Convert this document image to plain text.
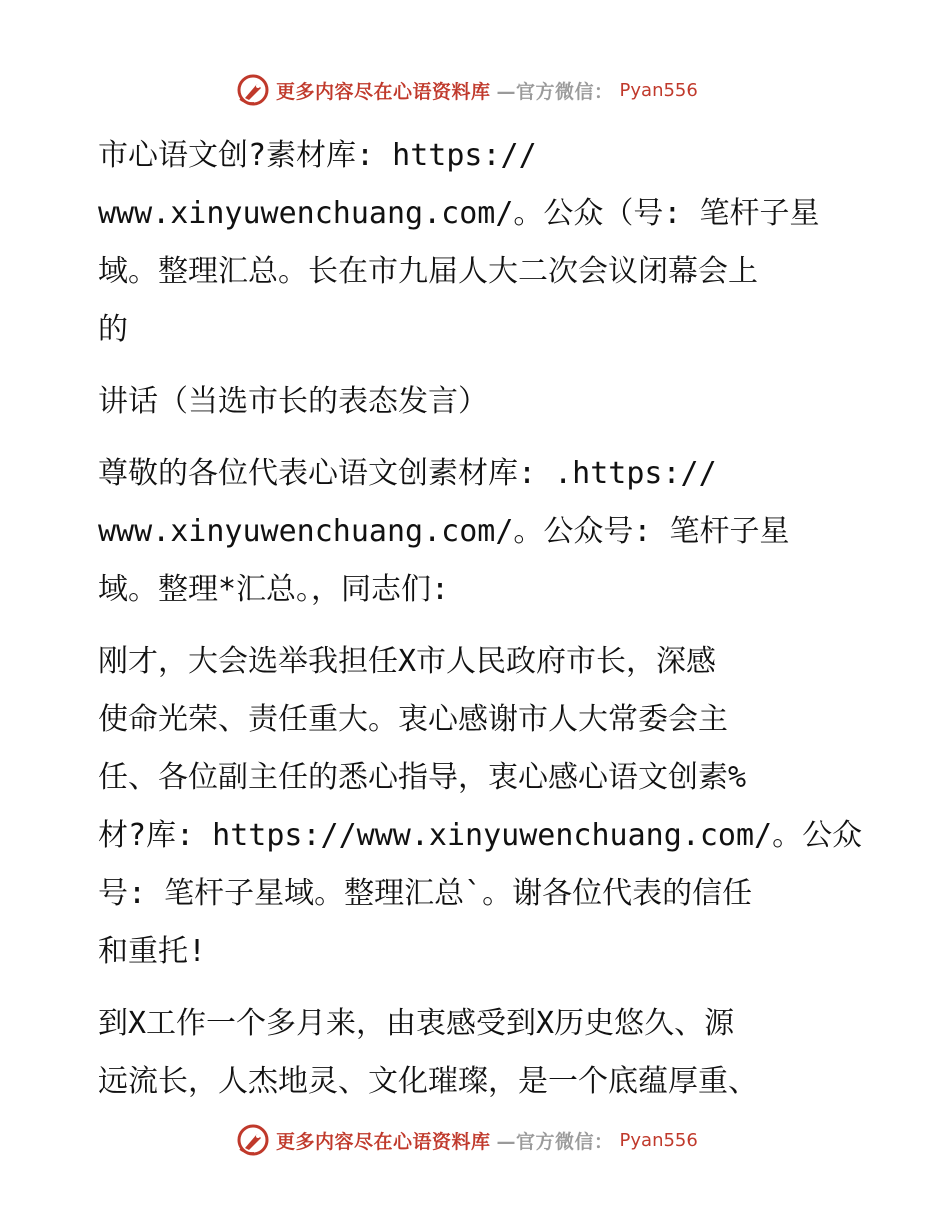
更多内容尽在心语资料库 —官方微信： Pyan556
市心语文创?素材库: https://
www.xinyuwenchuang.com/。公众（号: 笔杆子星
域。整理汇总。长在市九届人大二次会议闭幕会上
的
讲话（当选市长的表态发言）
尊敬的各位代表心语文创素材库: .https://
www.xinyuwenchuang.com/。公众号: 笔杆子星
域。整理*汇总。，同志们:
刚才，大会选举我担任X市人民政府市长，深感
使命光荣、责任重大。衷心感谢市人大常委会主
任、各位副主任的悉心指导，衷心感心语文创素%
材?库: https://www.xinyuwenchuang.com/。公众
号: 笔杆子星域。整理汇总`。谢各位代表的信任
和重托!
到X工作一个多月来，由衷感受到X历史悠久、源
远流长，人杰地灵、文化璀璨，是一个底蕴厚重、
更多内容尽在心语资料库 —官方微信： Pyan556
